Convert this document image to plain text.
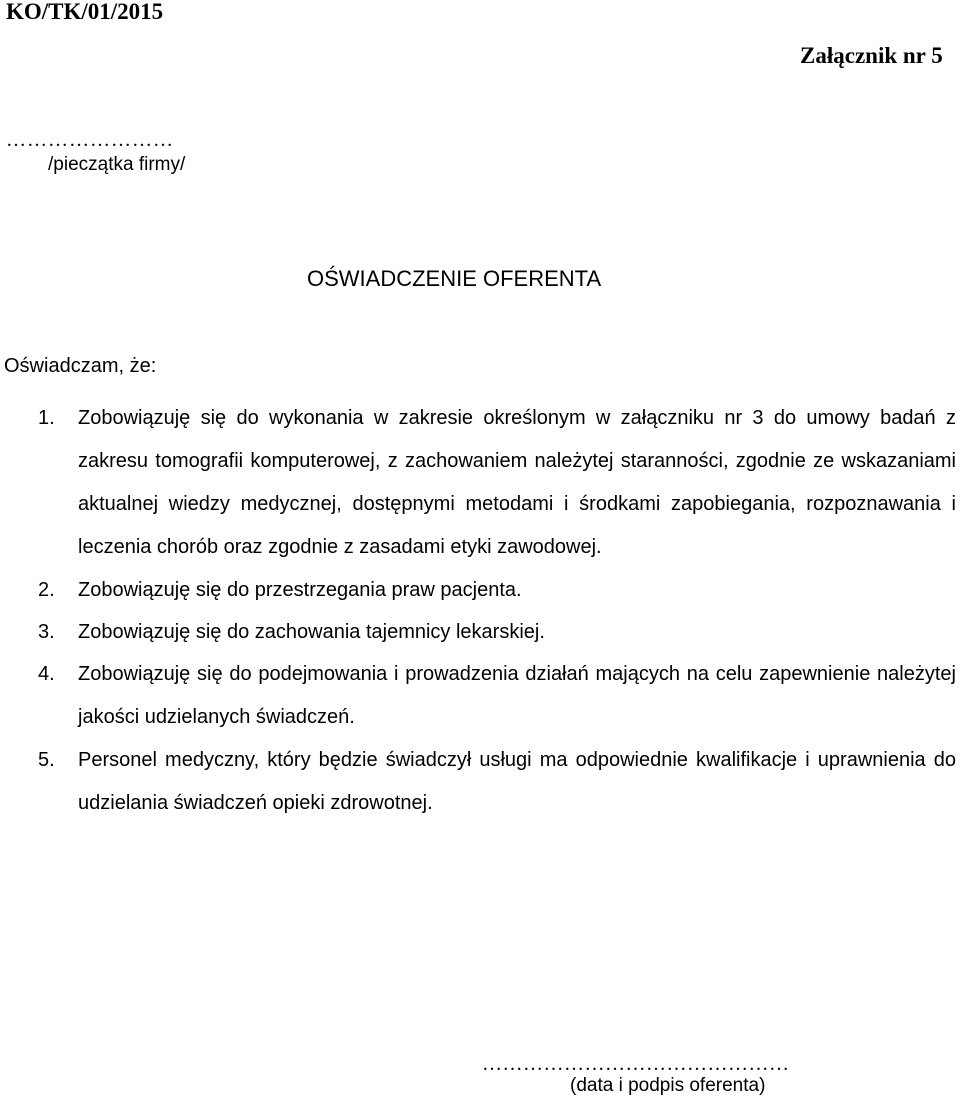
KO/TK/01/2015
Załącznik nr 5
……………………
/pieczątka firmy/
OŚWIADCZENIE OFERENTA
Oświadczam, że:
1. Zobowiązuję się do wykonania w zakresie określonym w załączniku nr 3 do umowy badań z zakresu tomografii komputerowej, z zachowaniem należytej staranności, zgodnie ze wskazaniami aktualnej wiedzy medycznej, dostępnymi metodami i środkami zapobiegania, rozpoznawania i leczenia chorób oraz zgodnie z zasadami etyki zawodowej.
2. Zobowiązuję się do przestrzegania praw pacjenta.
3. Zobowiązuję się do zachowania tajemnicy lekarskiej.
4. Zobowiązuję się do podejmowania i prowadzenia działań mających na celu zapewnienie należytej jakości udzielanych świadczeń.
5. Personel medyczny, który będzie świadczył usługi ma odpowiednie kwalifikacje i uprawnienia do udzielania świadczeń opieki zdrowotnej.
………………………………………
(data i podpis oferenta)
